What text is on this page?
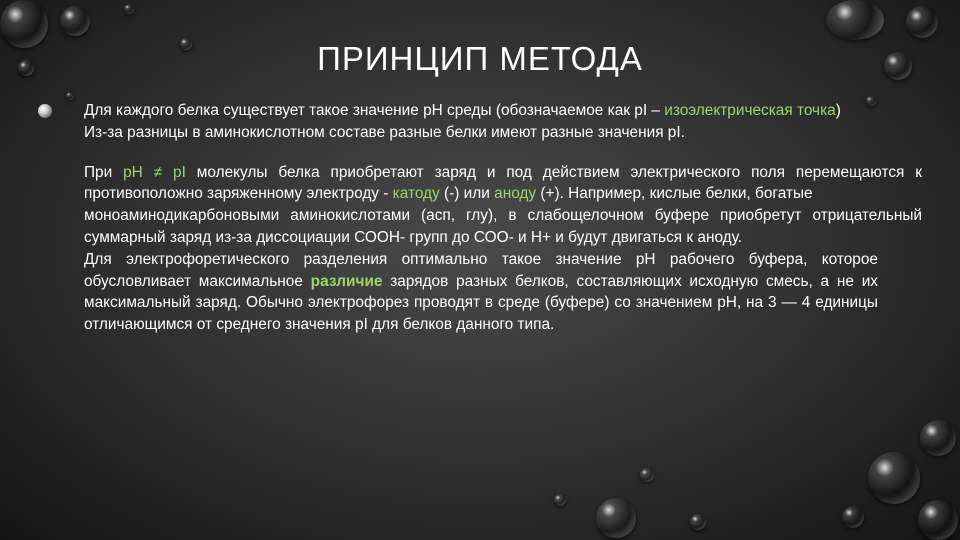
ПРИНЦИП МЕТОДА

Для каждого белка существует такое значение рН среды (обозначаемое как pI – изоэлектрическая точка)

Из-за разницы в аминокислотном составе разные белки имеют разные значения pI.

При рН ≠ pI молекулы белка приобретают заряд и под действием электрического поля перемещаются к противоположно заряженному электроду - катоду (-) или аноду (+). Например, кислые белки, богатые

моноаминодикарбоновыми аминокислотами (асп, глу), в слабощелочном буфере приобретут отрицательный суммарный заряд из-за диссоциации СООН- групп до СОО- и Н+ и будут двигаться к аноду.

Для электрофоретического разделения оптимально такое значение рН рабочего буфера, которое обусловливает максимальное различие зарядов разных белков, составляющих исходную смесь, а не их максимальный заряд. Обычно электрофорез проводят в среде (буфере) со значением рН, на 3 — 4 единицы отличающимся от среднего значения pI для белков данного типа.
